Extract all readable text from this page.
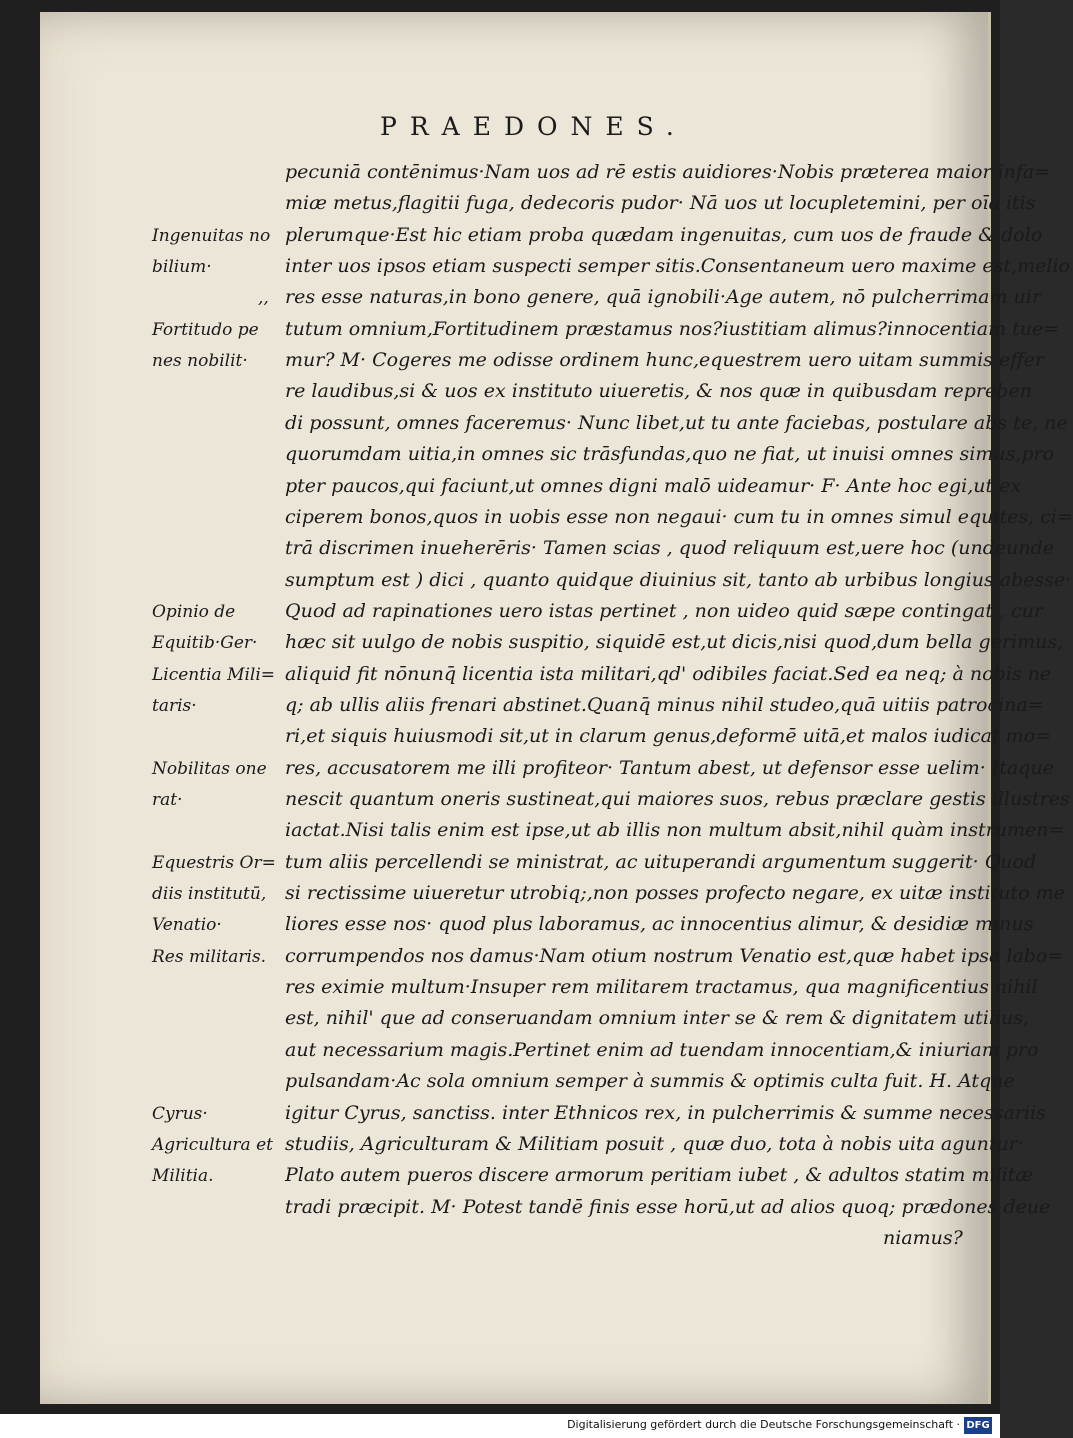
PRAEDONES.
pecuniā contēnimus·Nam uos ad rē estis auidiores·Nobis præterea maior infa=
miæ metus,flagitii fuga, dedecoris pudor· Nā uos ut locupletemini, per oīa itis
plerumque·Est hic etiam proba quædam ingenuitas, cum uos de fraude & dolo
inter uos ipsos etiam suspecti semper sitis.Consentaneum uero maxime est,melio
res esse naturas,in bono genere, quā ignobili·Age autem, nō pulcherrimam uir
tutum omnium,Fortitudinem præstamus nos?iustitiam alimus?innocentiam tue=
mur? M· Cogeres me odisse ordinem hunc,equestrem uero uitam summis effer
re laudibus,si & uos ex instituto uiueretis, & nos quæ in quibusdam repreben
di possunt, omnes faceremus· Nunc libet,ut tu ante faciebas, postulare abs te, ne
quorumdam uitia,in omnes sic trāsfundas,quo ne fiat, ut inuisi omnes simus,pro
pter paucos,qui faciunt,ut omnes digni malō uideamur· F· Ante hoc egi,ut ex
ciperem bonos,quos in uobis esse non negaui· cum tu in omnes simul equites, ci=
trā discrimen inueherēris· Tamen scias , quod reliquum est,uere hoc (undeunde
sumptum est ) dici , quanto quidque diuinius sit, tanto ab urbibus longius abesse·
Quod ad rapinationes uero istas pertinet , non uideo quid sæpe contingat , cur
hæc sit uulgo de nobis suspitio, siquidē est,ut dicis,nisi quod,dum bella gerimus,
aliquid fit nōnunq̄ licentia ista militari,qd' odibiles faciat.Sed ea neq; à nobis ne
q; ab ullis aliis frenari abstinet.Quanq̄ minus nihil studeo,quā uitiis patrocina=
ri,et siquis huiusmodi sit,ut in clarum genus,deformē uitā,et malos iudicat mo=
res, accusatorem me illi profiteor· Tantum abest, ut defensor esse uelim· Itaque
nescit quantum oneris sustineat,qui maiores suos, rebus præclare gestis illustres
iactat.Nisi talis enim est ipse,ut ab illis non multum absit,nihil quàm instrumen=
tum aliis percellendi se ministrat, ac uituperandi argumentum suggerit· Quod
si rectissime uiueretur utrobiq;,non posses profecto negare, ex uitæ instituto me
liores esse nos· quod plus laboramus, ac innocentius alimur, & desidiæ minus
corrumpendos nos damus·Nam otium nostrum Venatio est,quæ habet ipsa labo=
res eximie multum·Insuper rem militarem tractamus, qua magnificentius nihil
est, nihil' que ad conseruandam omnium inter se & rem & dignitatem utilius,
aut necessarium magis.Pertinet enim ad tuendam innocentiam,& iniuriam pro
pulsandam·Ac sola omnium semper à summis & optimis culta fuit. H. Atque
igitur Cyrus, sanctiss. inter Ethnicos rex, in pulcherrimis & summe necessariis
studiis, Agriculturam & Militiam posuit , quæ duo, tota à nobis uita aguntur·
Plato autem pueros discere armorum peritiam iubet , & adultos statim militæ
tradi præcipit. M· Potest tandē finis esse horū,ut ad alios quoq; prædones deue
niamus?
Ingenuitas no
bilium·
,,
Fortitudo pe
nes nobilit·
Opinio de
Equitib·Ger·
Licentia Mili=
taris·
Nobilitas one
rat·
Equestris Or=
diis institutū,
Venatio·
Res militaris.
Cyrus·
Agricultura et
Militia.
Digitalisierung gefördert durch die Deutsche Forschungsgemeinschaft · DFG
